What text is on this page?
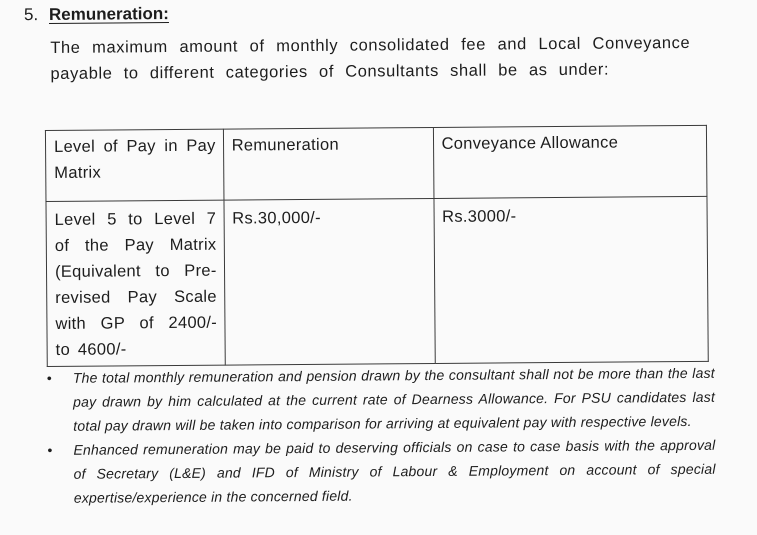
5. Remuneration:

The maximum amount of monthly consolidated fee and Local Conveyance payable to different categories of Consultants shall be as under:

Level of Pay in Pay Matrix	Remuneration	Conveyance Allowance
Level 5 to Level 7 of the Pay Matrix (Equivalent to Pre-revised Pay Scale with GP of 2400/- to 4600/-	Rs.30,000/-	Rs.3000/-
• The total monthly remuneration and pension drawn by the consultant shall not be more than the last pay drawn by him calculated at the current rate of Dearness Allowance. For PSU candidates last total pay drawn will be taken into comparison for arriving at equivalent pay with respective levels.
• Enhanced remuneration may be paid to deserving officials on case to case basis with the approval of Secretary (L&E) and IFD of Ministry of Labour & Employment on account of special expertise/experience in the concerned field.
